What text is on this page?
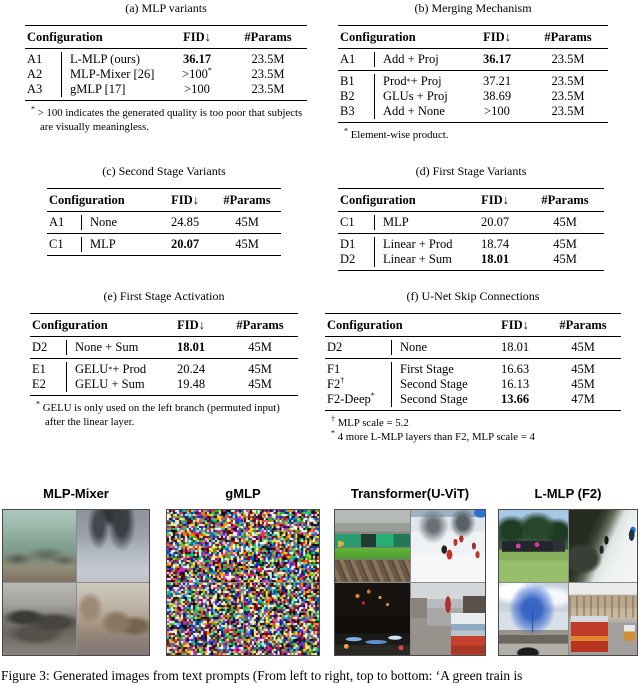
(a) MLP variants
Configuration	FID↓	#Params
A1	L-MLP (ours)	36.17	23.5M
A2	MLP-Mixer [26]	>100*	23.5M
A3	gMLP [17]	>100	23.5M
* > 100 indicates the generated quality is too poor that subjects are visually meaningless.
(b) Merging Mechanism
Configuration	FID↓	#Params
A1	Add + Proj	36.17	23.5M
B1	Prod * + Proj	37.21	23.5M
B2	GLUs + Proj	38.69	23.5M
B3	Add + None	>100	23.5M
* Element-wise product.
(c) Second Stage Variants
Configuration	FID↓	#Params
A1	None	24.85	45M
C1	MLP	20.07	45M
(d) First Stage Variants
Configuration	FID↓	#Params
C1	MLP	20.07	45M
D1	Linear + Prod	18.74	45M
D2	Linear + Sum	18.01	45M
(e) First Stage Activation
Configuration	FID↓	#Params
D2	None + Sum	18.01	45M
E1	GELU * + Prod	20.24	45M
E2	GELU + Sum	19.48	45M
* GELU is only used on the left branch (permuted input) after the linear layer.
(f) U-Net Skip Connections
Configuration	FID↓	#Params
D2	None	18.01	45M
F1	First Stage	16.63	45M
F2†	Second Stage	16.13	45M
F2-Deep*	Second Stage	13.66	47M
† MLP scale = 5.2
* 4 more L-MLP layers than F2, MLP scale = 4
MLP-Mixer	gMLP	Transformer(U-ViT)	L-MLP (F2)
Figure 3: Generated images from text prompts (From left to right, top to bottom: ‘A green train is
